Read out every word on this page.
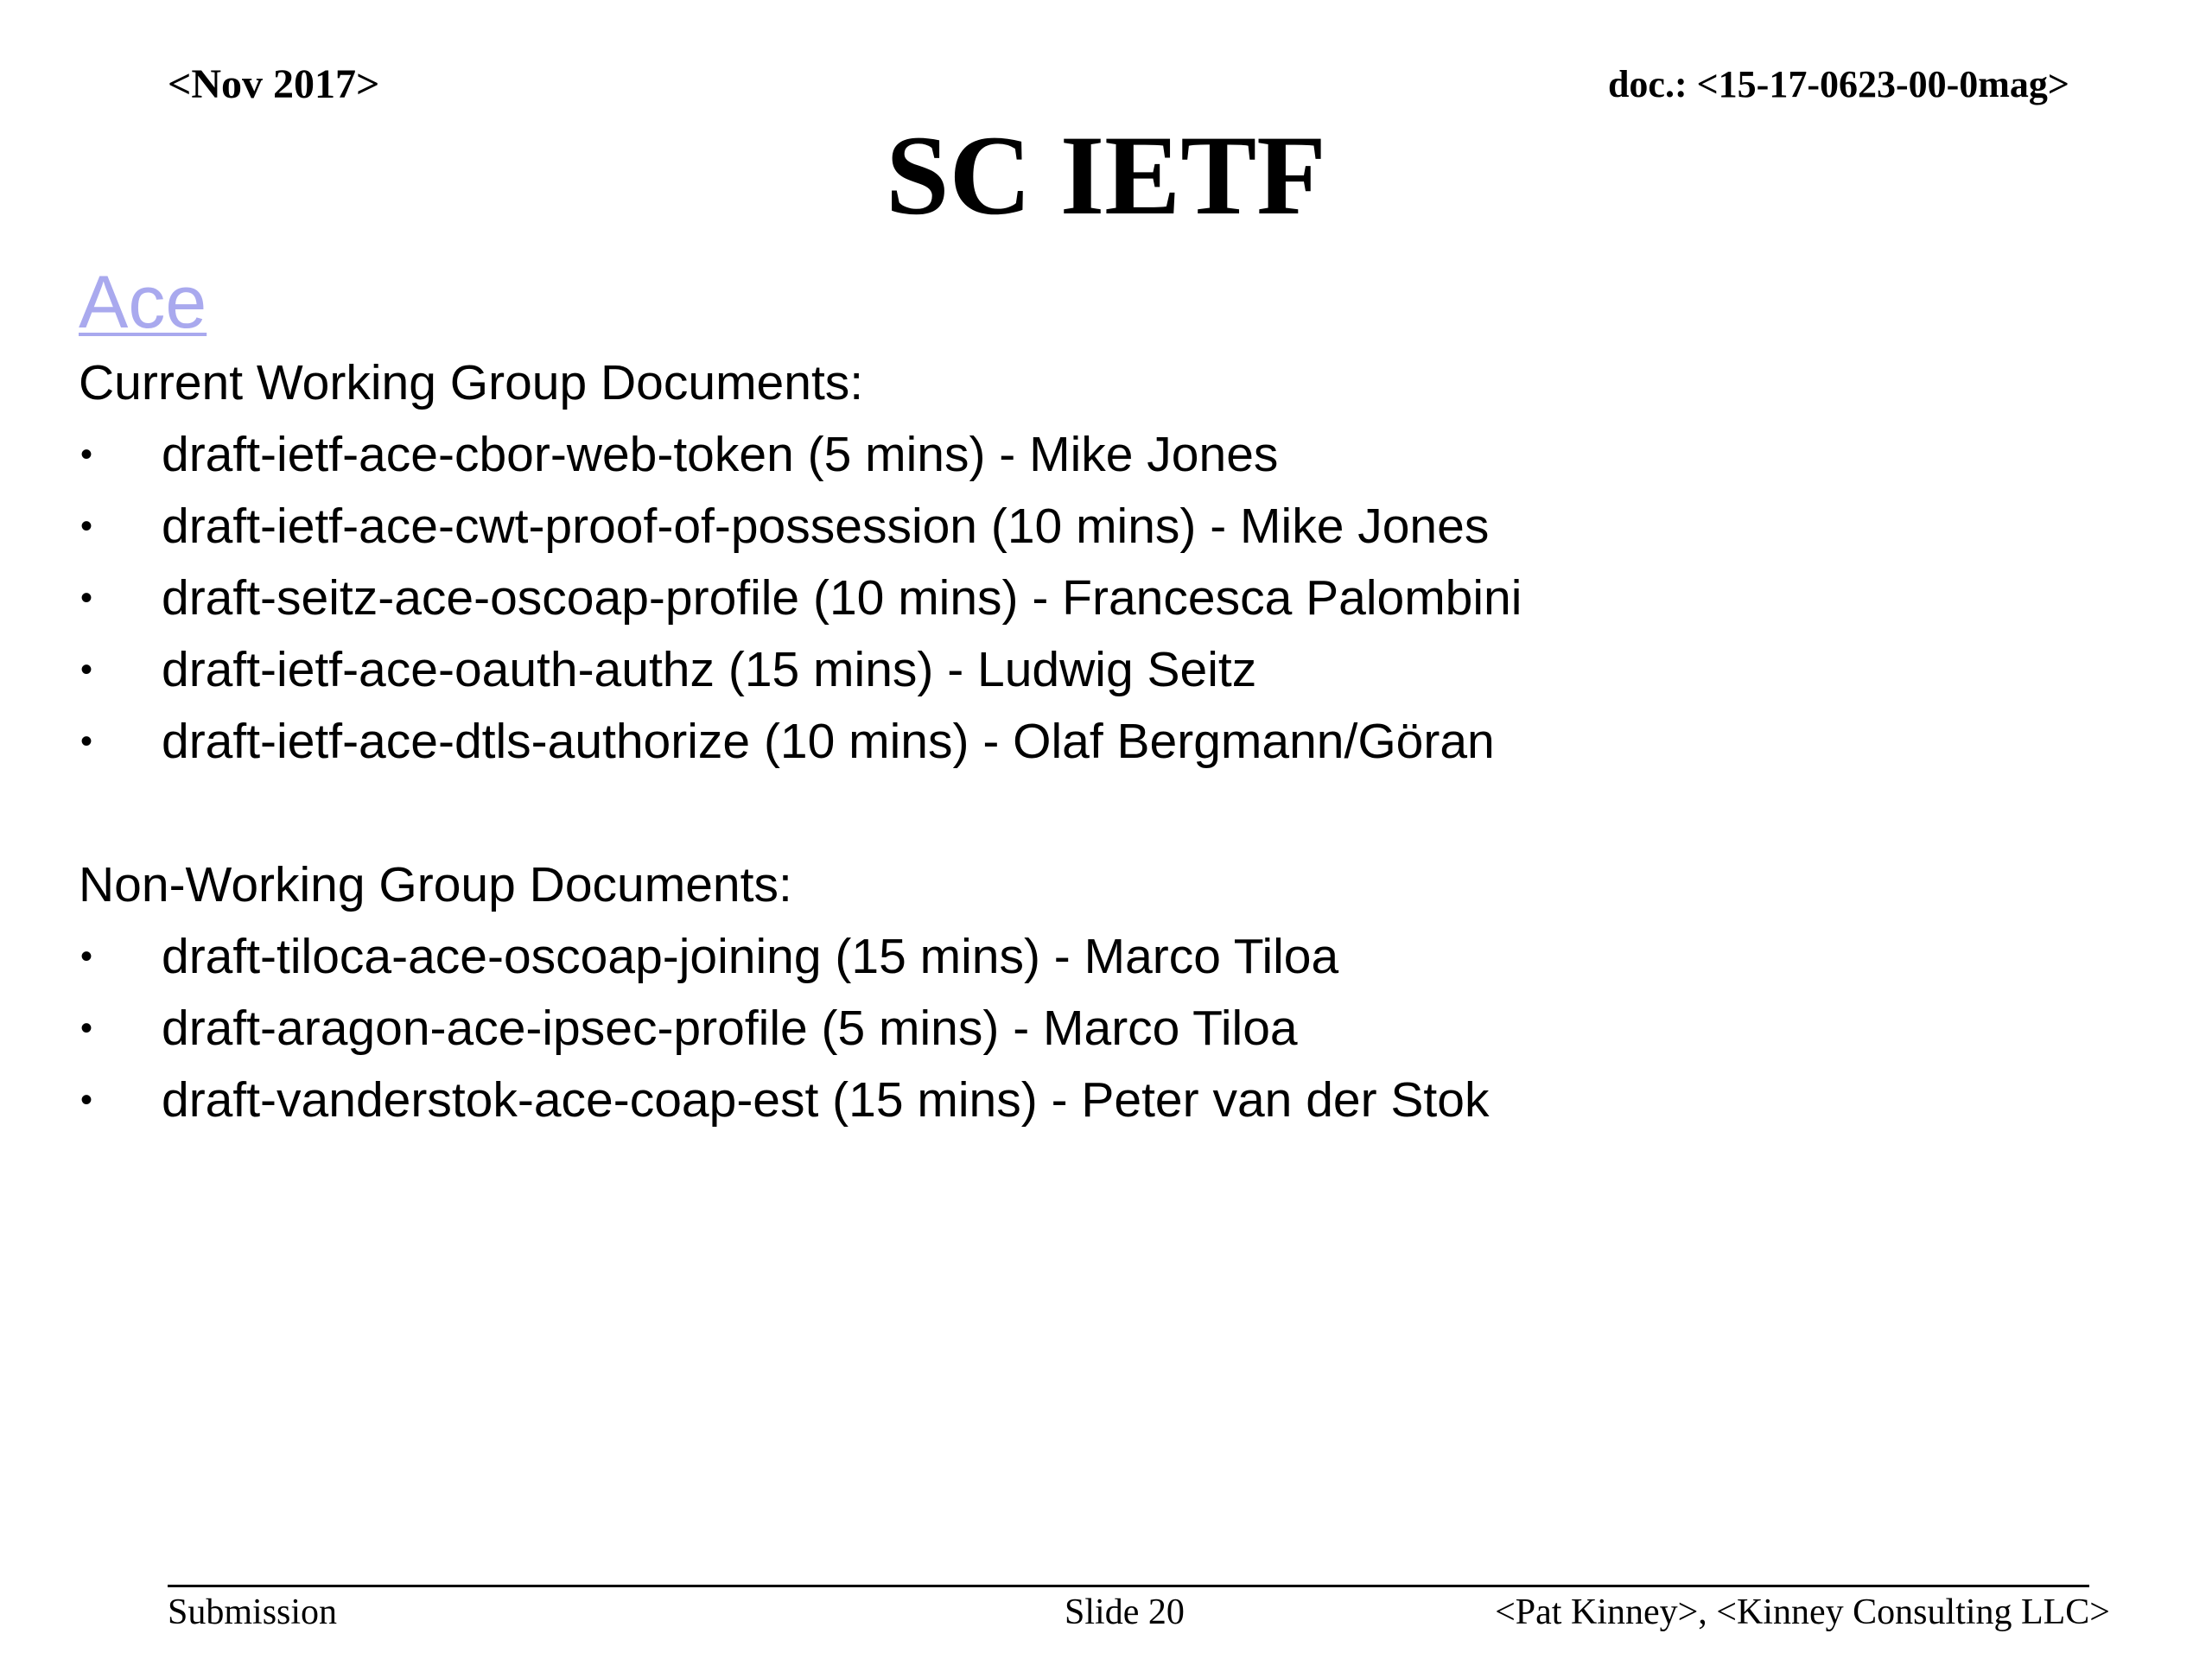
<Nov 2017>	doc.: <15-17-0623-00-0mag>
SC IETF
Ace
Current Working Group Documents:
• draft-ietf-ace-cbor-web-token (5 mins) - Mike Jones
• draft-ietf-ace-cwt-proof-of-possession (10 mins) - Mike Jones
• draft-seitz-ace-oscoap-profile (10 mins) - Francesca Palombini
• draft-ietf-ace-oauth-authz (15 mins) - Ludwig Seitz
• draft-ietf-ace-dtls-authorize (10 mins) - Olaf Bergmann/Göran
Non-Working Group Documents:
• draft-tiloca-ace-oscoap-joining (15 mins) - Marco Tiloa
• draft-aragon-ace-ipsec-profile (5 mins) - Marco Tiloa
• draft-vanderstok-ace-coap-est (15 mins) - Peter van der Stok
Submission	Slide 20	<Pat Kinney>, <Kinney Consulting LLC>
